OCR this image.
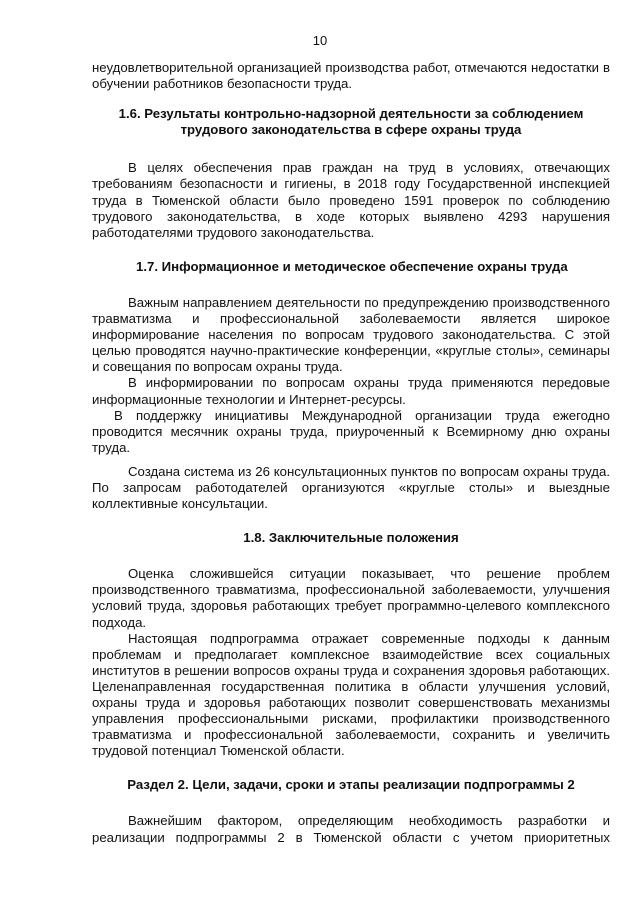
10

неудовлетворительной организацией производства работ, отмечаются недостатки в обучении работников безопасности труда.

1.6. Результаты контрольно-надзорной деятельности за соблюдением трудового законодательства в сфере охраны труда

В целях обеспечения прав граждан на труд в условиях, отвечающих требованиям безопасности и гигиены, в 2018 году Государственной инспекцией труда в Тюменской области было проведено 1591 проверок по соблюдению трудового законодательства, в ходе которых выявлено 4293 нарушения работодателями трудового законодательства.

1.7. Информационное и методическое обеспечение охраны труда

Важным направлением деятельности по предупреждению производственного травматизма и профессиональной заболеваемости является широкое информирование населения по вопросам трудового законодательства. С этой целью проводятся научно-практические конференции, «круглые столы», семинары и совещания по вопросам охраны труда.

В информировании по вопросам охраны труда применяются передовые информационные технологии и Интернет-ресурсы.

В поддержку инициативы Международной организации труда ежегодно проводится месячник охраны труда, приуроченный к Всемирному дню охраны труда.

Создана система из 26 консультационных пунктов по вопросам охраны труда. По запросам работодателей организуются «круглые столы» и выездные коллективные консультации.

1.8. Заключительные положения

Оценка сложившейся ситуации показывает, что решение проблем производственного травматизма, профессиональной заболеваемости, улучшения условий труда, здоровья работающих требует программно-целевого комплексного подхода.

Настоящая подпрограмма отражает современные подходы к данным проблемам и предполагает комплексное взаимодействие всех социальных институтов в решении вопросов охраны труда и сохранения здоровья работающих. Целенаправленная государственная политика в области улучшения условий, охраны труда и здоровья работающих позволит совершенствовать механизмы управления профессиональными рисками, профилактики производственного травматизма и профессиональной заболеваемости, сохранить и увеличить трудовой потенциал Тюменской области.

Раздел 2. Цели, задачи, сроки и этапы реализации подпрограммы 2

Важнейшим фактором, определяющим необходимость разработки и реализации подпрограммы 2 в Тюменской области с учетом приоритетных
